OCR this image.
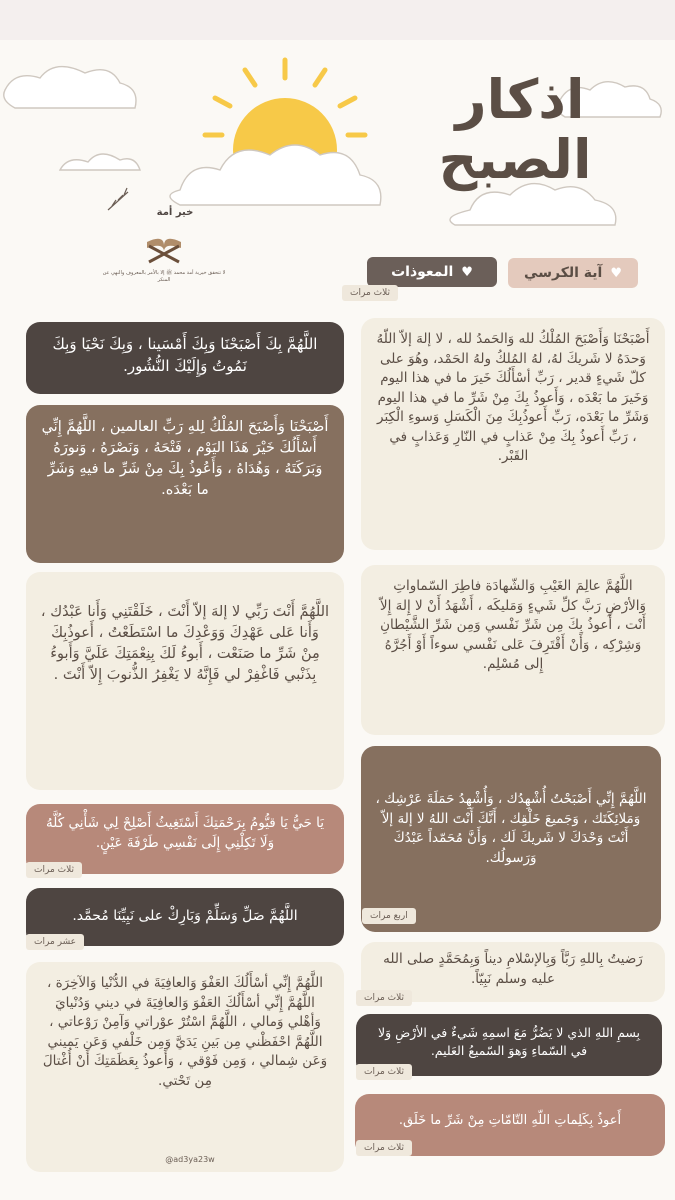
اذكار
الصبح
خير أمة
لا تتحقق خيرية أمة محمد ﷺ إلا بالأمر بالمعروف والنهي عن المنكر	♥
آية الكرسي
♥
المعوذات
ثلاث مرات
اللَّهُمَّ بِكَ أَصْبَحْنَا وَبِكَ أَمْسَينا ، وَبِكَ نَحْيَا وَبِكَ نَمُوتُ وَإِلَيْكَ النُّشُور.
أَصْبَحْنَا وَأَصْبَحَ المُلْكُ لِلهِ رَبِّ العالمين ، اللَّهُمَّ إِنِّي أَسْأَلُكَ خَيْرَ هَذَا اليَوْم ، فَتْحَهُ ، وَنَصْرَهُ ، وَنورَهُ وَبَرَكَتَهُ ، وَهُدَاهُ ، وَأَعُوذُ بِكَ مِنْ شَرِّ ما فيهِ وَشَرِّ ما بَعْدَه.
اللَّهُمَّ أَنْتَ رَبِّي لا إلهَ إلاّ أَنْتَ ، خَلَقْتَنِي وَأَنا عَبْدُك ، وَأَنا عَلى عَهْدِكَ وَوَعْدِكَ ما اسْتَطَعْتُ ، أَعوذُبِكَ مِنْ شَرِّ ما صَنَعْت ، أَبوءُ لَكَ بِنِعْمَتِكَ عَلَيَّ وَأَبوءُ بِذَنْبي فَاغْفِرْ لي فَإِنَّهُ لا يَغْفِرُ الذُّنوبَ إِلاّ أَنْتَ .
يَا حَيُّ يَا قيُّومُ بِرَحْمَتِكَ أَسْتَغِيثُ أَصْلِحْ لِي شَأْنِي كُلَّهُ وَلَا تَكِلْنِي إِلَى نَفْسِي طَرْفَةَ عَيْنٍ.
ثلاث مرات
اللَّهُمَّ صَلِّ وَسَلِّمْ وَبَارِكْ على نَبِيِّنَا مُحمَّد.
عشر مرات
اللَّهُمَّ إِنِّي أسْأَلُكَ العَفْوَ وَالعافِيَةَ في الدُّنْيا وَالآخِرَة ، اللَّهُمَّ إِنِّي أسْأَلُكَ العَفْوَ وَالعافِيَةَ في ديني وَدُنْيايَ وَأهْلي وَمالي ، اللَّهُمَّ اسْتُرْ عوْراتي وَآمِنْ رَوْعاتي ، اللَّهُمَّ احْفَظْني مِن بَينِ يَدَيَّ وَمِن خَلْفي وَعَن يَميني وَعَن شِمالي ، وَمِن فَوْقي ، وَأَعوذُ بِعَظَمَتِكَ أَنْ أُغْتالَ مِن تَحْتي.
@ad3ya23w
أَصْبَحْنَا وَأَصْبَحَ المُلْكُ لله وَالحَمدُ لله ، لا إلهَ إلاّ اللّهُ وَحدَهُ لا شَريكَ لهُ، لهُ المُلكُ ولهُ الحَمْد، وهُوَ على كلّ شَيءٍ قدير ، رَبِّ أسْأَلُكَ خَيرَ ما في هذا اليوم وَخَيرَ ما بَعْدَه ، وَأَعوذُ بِكَ مِنْ شَرِّ ما في هذا اليوم وَشَرِّ ما بَعْدَه، رَبِّ أَعوذُبِكَ مِنَ الْكَسَلِ وَسوءِ الْكِبَر ، رَبِّ أَعوذُ بِكَ مِنْ عَذابٍ في النّارِ وَعَذابٍ في القَبْر.
اللَّهُمَّ عالِمَ الغَيْبِ وَالشّهادَة فاطِرَ السّماواتِ وَالأرْضِ رَبَّ كلِّ شَيءٍ وَمَليكَه ، أَشْهَدُ أَنْ لا إِلهَ إِلاّ أَنْت ، أَعوذُ بِكَ مِن شَرِّ نَفْسي وَمِن شَرِّ الشَّيْطانِ وَشِرْكِه ، وَأَنْ أَقْتَرِفَ عَلى نَفْسي سوءاً أَوْ أَجُرَّهُ إِلى مُسْلِم.
اللَّهُمَّ إِنِّي أَصْبَحْتُ أُشْهِدُك ، وَأُشْهِدُ حَمَلَةَ عَرْشِك ، وَمَلائِكَتَك ، وَجَميعَ خَلْقِك ، أَنَّكَ أَنْتَ اللهُ لا إلهَ إلاّ أَنْتَ وَحْدَكَ لا شَريكَ لَك ، وَأَنَّ مُحَمّداً عَبْدُكَ وَرَسولُك.
اربع مرات
رَضيتُ بِاللهِ رَبَّاً وَبِالإسْلامِ ديناً وَبِمُحَمَّدٍ صلى الله عليه وسلم نَبِيّاً.
ثلاث مرات
بِسمِ اللهِ الذي لا يَضُرُّ مَعَ اسمِهِ شَيءٌ في الأرْضِ وَلا في السّماءِ وَهوَ السّميعُ العَليم.
ثلاث مرات
أَعوذُ بِكَلِماتِ اللّهِ التّامّاتِ مِنْ شَرِّ ما خَلَق.
ثلاث مرات
